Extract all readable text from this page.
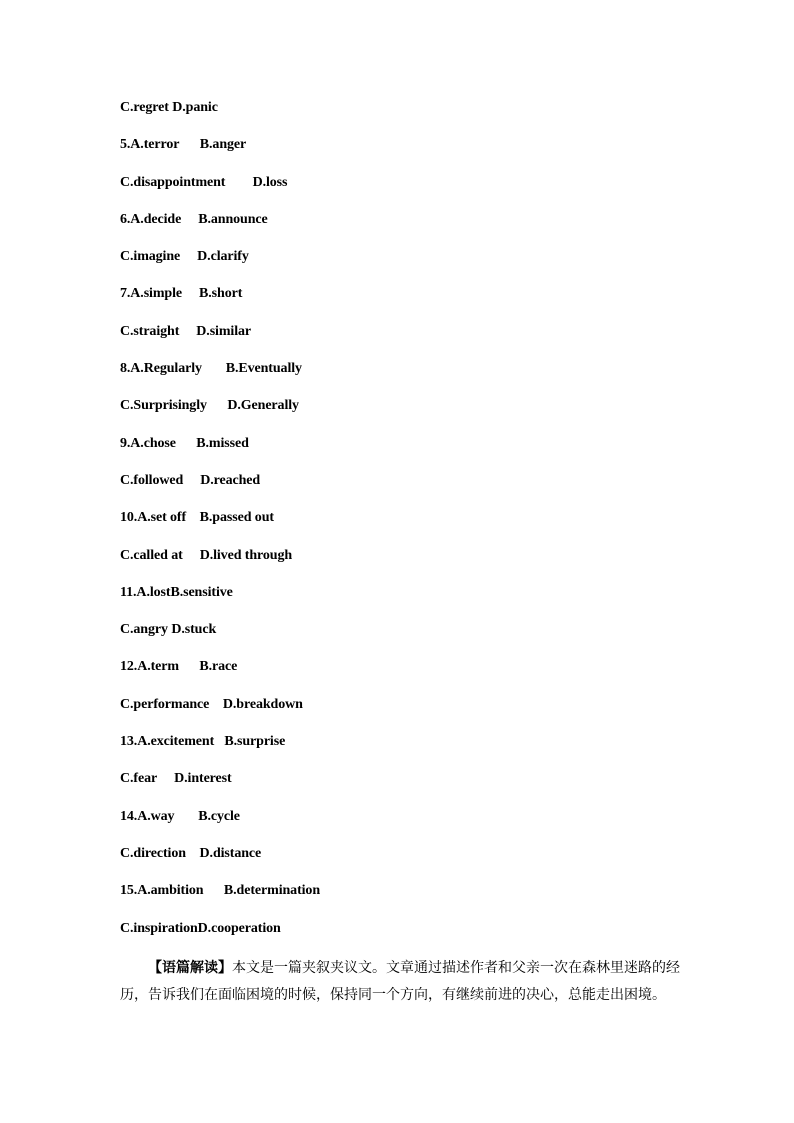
C.regret D.panic
5.A.terror B.anger
C.disappointment D.loss
6.A.decide B.announce
C.imagine D.clarify
7.A.simple B.short
C.straight D.similar
8.A.Regularly B.Eventually
C.Surprisingly D.Generally
9.A.chose B.missed
C.followed D.reached
10.A.set off B.passed out
C.called at D.lived through
11.A.lostB.sensitive
C.angry D.stuck
12.A.term B.race
C.performance D.breakdown
13.A.excitement B.surprise
C.fear D.interest
14.A.way B.cycle
C.direction D.distance
15.A.ambition B.determination
C.inspirationD.cooperation
【语篇解读】本文是一篇夹叙夹议文。文章通过描述作者和父亲一次在森林里迷路的经历，告诉我们在面临困境的时候，保持同一个方向，有继续前进的决心，总能走出困境。
